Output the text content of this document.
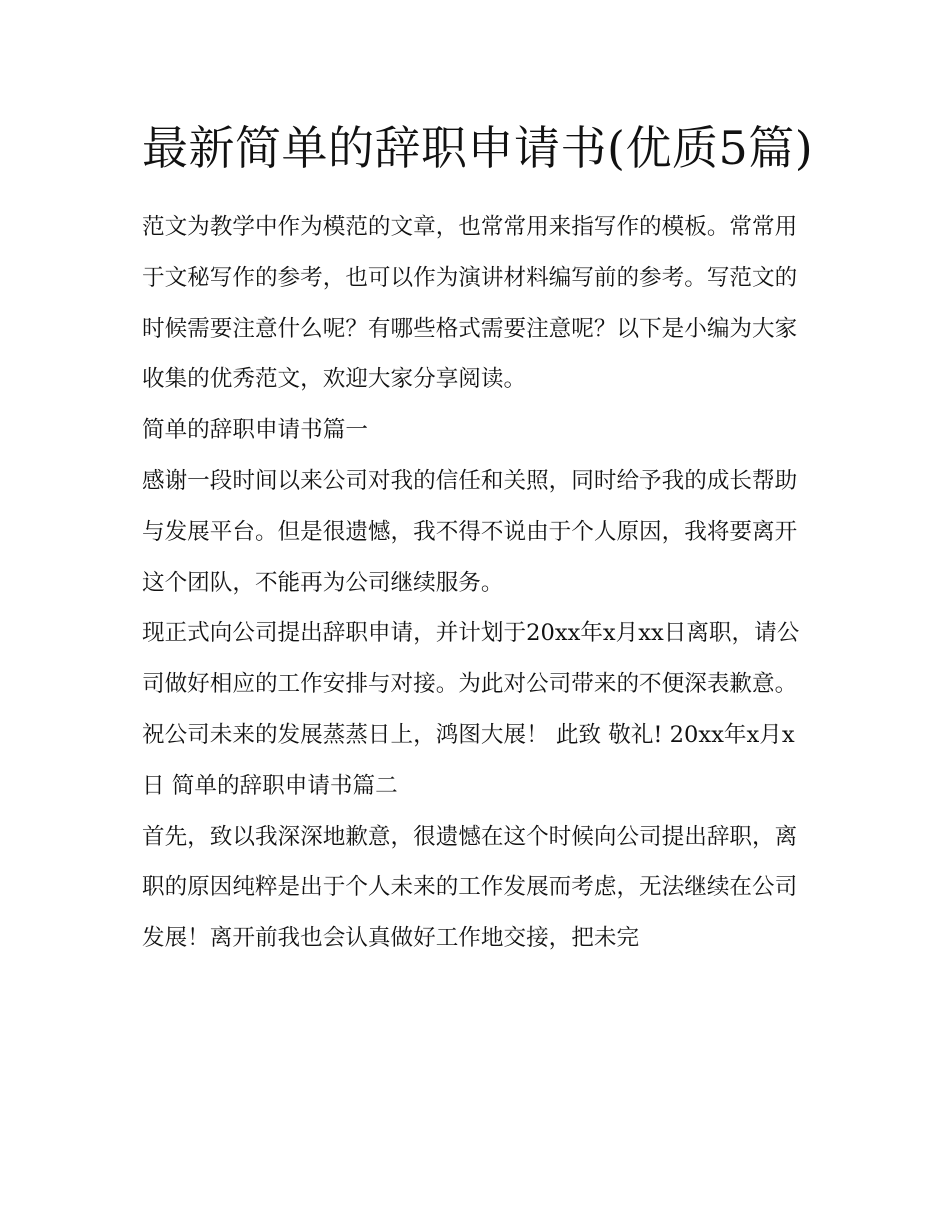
最新简单的辞职申请书(优质5篇)

范文为教学中作为模范的文章，也常常用来指写作的模板。常常用于文秘写作的参考，也可以作为演讲材料编写前的参考。写范文的时候需要注意什么呢？有哪些格式需要注意呢？以下是小编为大家收集的优秀范文，欢迎大家分享阅读。

简单的辞职申请书篇一

感谢一段时间以来公司对我的信任和关照，同时给予我的成长帮助与发展平台。但是很遗憾，我不得不说由于个人原因，我将要离开这个团队，不能再为公司继续服务。

现正式向公司提出辞职申请，并计划于20xx年x月xx日离职，请公司做好相应的工作安排与对接。为此对公司带来的不便深表歉意。

祝公司未来的发展蒸蒸日上，鸿图大展！ 此致 敬礼! 20xx年x月x日 简单的辞职申请书篇二

首先，致以我深深地歉意，很遗憾在这个时候向公司提出辞职，离职的原因纯粹是出于个人未来的工作发展而考虑，无法继续在公司发展！离开前我也会认真做好工作地交接，把未完
